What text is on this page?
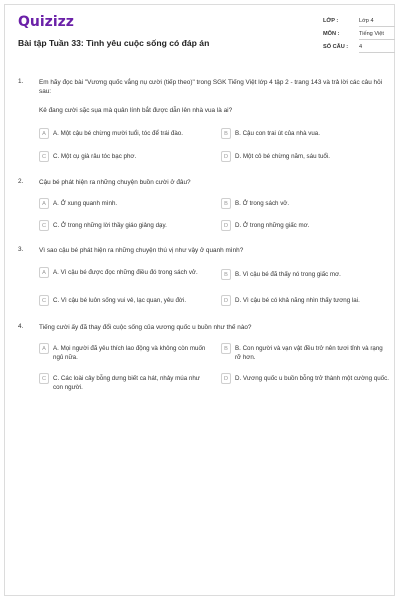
Quizizz
Bài tập Tuần 33: Tình yêu cuộc sống có đáp án
LỚP :	Lớp 4
MÔN :	Tiếng Việt
SỐ CÂU : 4
1. Em hãy đọc bài "Vương quốc vắng nụ cười (tiếp theo)" trong SGK Tiếng Việt lớp 4 tập 2 - trang 143 và trả lời các câu hỏi sau:
Kẻ đang cười sặc sụa mà quân lính bắt được dẫn lên nhà vua là ai?
A	A. Một cậu bé chừng mười tuổi, tóc để trái đào.	B	B. Cậu con trai út của nhà vua.
C	C. Một cụ già râu tóc bạc phơ.	D	D. Một cô bé chừng năm, sáu tuổi.
2. Cậu bé phát hiện ra những chuyện buồn cười ở đâu?
A	A. Ở xung quanh mình.	B	B. Ở trong sách vở.
C	C. Ở trong những lời thầy giáo giảng dạy.	D	D. Ở trong những giấc mơ.
3. Vì sao cậu bé phát hiện ra những chuyện thú vị như vậy ở quanh mình?
A	A. Vì cậu bé được đọc những điều đó trong sách vở.	B	B. Vì cậu bé đã thấy nó trong giấc mơ.
C	C. Vì cậu bé luôn sống vui vẻ, lạc quan, yêu đời.	D	D. Vì cậu bé có khả năng nhìn thấy tương lai.
4. Tiếng cười ấy đã thay đổi cuộc sống của vương quốc u buồn như thế nào?
A	A. Mọi người đã yêu thích lao động và không còn muốn ngủ nữa.
B	B. Con người và vạn vật đều trở nên tươi tỉnh và rạng rỡ hơn.
C	C. Các loài cây bỗng dưng biết ca hát, nhảy múa như con người.
D	D. Vương quốc u buồn bỗng trở thành một cường quốc.
